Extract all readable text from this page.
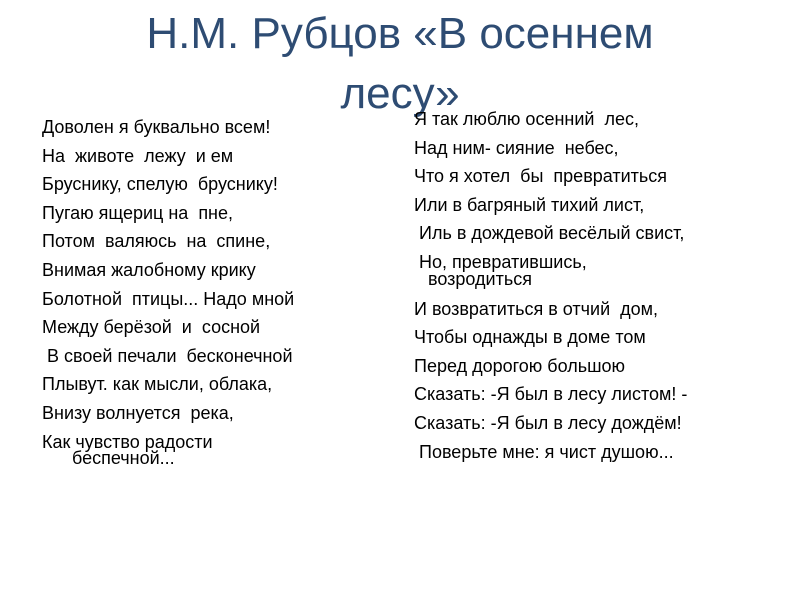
Н.М. Рубцов «В осеннем
лесу»
Доволен я буквально всем!
На  животе  лежу  и ем
Бруснику, спелую  бруснику!
Пугаю ящериц на  пне,
Потом  валяюсь  на  спине,
Внимая жалобному крику
Болотной  птицы... Надо мной
Между берёзой  и  сосной
В своей печали  бесконечной
Плывут. как мысли, облака,
Внизу волнуется  река,
Как чувство радости
беспечной...
Я так люблю осенний  лес,
Над ним- сияние  небес,
Что я хотел  бы  превратиться
Или в багряный тихий лист,
Иль в дождевой весёлый свист,
Но, превратившись,
возродиться
И возвратиться в отчий  дом,
Чтобы однажды в доме том
Перед дорогою большою
Сказать: -Я был в лесу листом! -
Сказать: -Я был в лесу дождём!
Поверьте мне: я чист душою...
